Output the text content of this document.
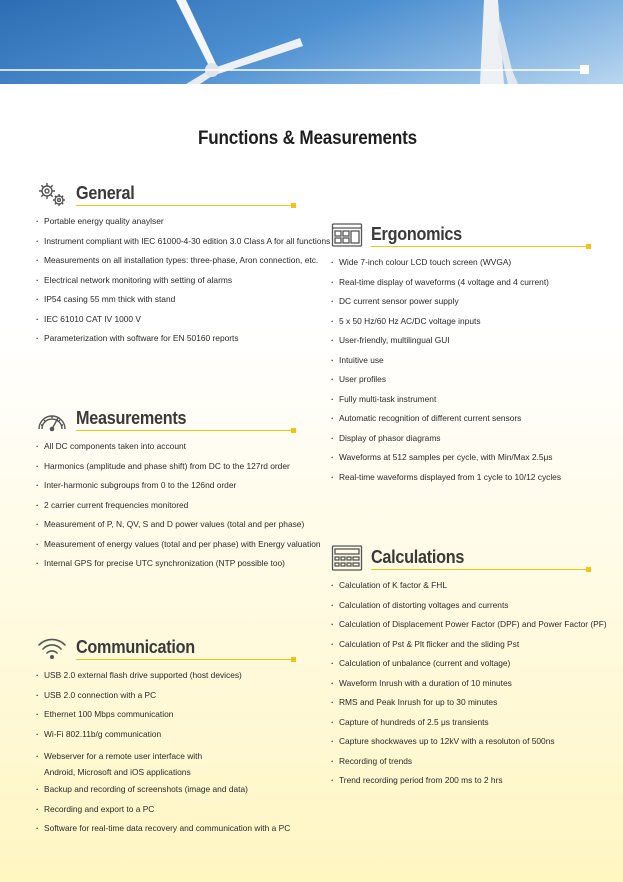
Functions & Measurements
General
· Portable energy quality anaylser
· Instrument compliant with IEC 61000-4-30 edition 3.0 Class A for all functions
· Measurements on all installation types: three-phase, Aron connection, etc.
· Electrical network monitoring with setting of alarms
· IP54 casing 55 mm thick with stand
· IEC 61010 CAT IV 1000 V
· Parameterization with software for EN 50160 reports
Measurements
· All DC components taken into account
· Harmonics (amplitude and phase shift) from DC to the 127rd order
· Inter-harmonic subgroups from 0 to the 126nd order
· 2 carrier current frequencies monitored
· Measurement of P, N, QV, S and D power values (total and per phase)
· Measurement of energy values (total and per phase) with Energy valuation
· Internal GPS for precise UTC synchronization (NTP possible too)
Communication
· USB 2.0 external flash drive supported (host devices)
· USB 2.0 connection with a PC
· Ethernet 100 Mbps communication
· Wi-Fi 802.11b/g communication
· Webserver for a remote user interface with Android, Microsoft and iOS applications
· Backup and recording of screenshots (image and data)
· Recording and export to a PC
· Software for real-time data recovery and communication with a PC
Ergonomics
· Wide 7-inch colour LCD touch screen (WVGA)
· Real-time display of waveforms (4 voltage and 4 current)
· DC current sensor power supply
· 5 x 50 Hz/60 Hz AC/DC voltage inputs
· User-friendly, multilingual GUI
· Intuitive use
· User profiles
· Fully multi-task instrument
· Automatic recognition of different current sensors
· Display of phasor diagrams
· Waveforms at 512 samples per cycle, with Min/Max 2.5μs
· Real-time waveforms displayed from 1 cycle to 10/12 cycles
Calculations
· Calculation of K factor & FHL
· Calculation of distorting voltages and currents
· Calculation of Displacement Power Factor (DPF) and Power Factor (PF)
· Calculation of Pst & Plt flicker and the sliding Pst
· Calculation of unbalance (current and voltage)
· Waveform Inrush with a duration of 10 minutes
· RMS and Peak Inrush for up to 30 minutes
· Capture of hundreds of 2.5 μs transients
· Capture shockwaves up to 12kV with a resoluton of 500ns
· Recording of trends
· Trend recording period from 200 ms to 2 hrs
